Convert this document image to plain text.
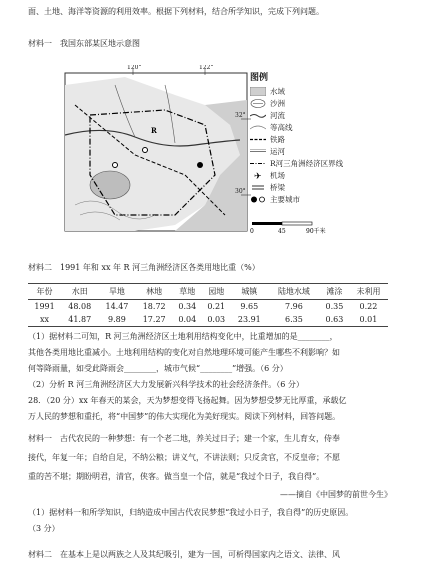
面、土地、海洋等资源的利用效率。根据下列材料，结合所学知识，完成下列问题。
材料一　我国东部某区地示意图
120°	122°
32°
30°
R
图例
水域
沙洲
河流
等高线
铁路
运河
R河三角洲经济区界线
✈ 机场
桥梁
主要城市
0	45	90千米
材料二　1991 年和 xx 年 R 河三角洲经济区各类用地比重（%）
年份	水田	旱地	林地	草地	园地	城镇	陆地水域	滩涂	未利用
1991	48.08	14.47	18.72	0.34	0.21	9.65	7.96	0.35	0.22
xx	41.87	9.89	17.27	0.04	0.03	23.91	6.35	0.63	0.01
（1）据材料二可知，R 河三角洲经济区土地利用结构变化中，比重增加的是________，
其他各类用地比重减小。土地利用结构的变化对自然地理环境可能产生哪些不利影响？如
何等降雨量，如受此降雨会________，城市气候“________”增强。（6 分）
（2）分析 R 河三角洲经济区大力发展新兴科学技术的社会经济条件。（6 分）
28．（20 分）xx 年春天的某会，天为梦想变得飞扬起舞。因为梦想受梦无比厚重，承载亿
万人民的梦想和重托，将“中国梦”的伟大实现化为美好现实。阅读下列材料，回答问题。
材料一　古代农民的一种梦想：有一个老二地，养关过日子；建一个家，生儿育女，侍奉
接代，年复一年；自给自足，不纳公粮；讲义气，不讲法则；只反贪官，不反皇帝；不愿
重的苦不堪；期盼明君，清官，侠客。做当皇一个信，就是“我过个日子，我自得”。
——摘自《中国梦的前世今生》
（1）据材料一和所学知识，归纳造成中国古代农民梦想“我过小日子，我自得”的历史原因。
（3 分）
材料二　在基本上是以两族之人及其纪吸引，建为一国，可析得国家内之语文、法律、风
